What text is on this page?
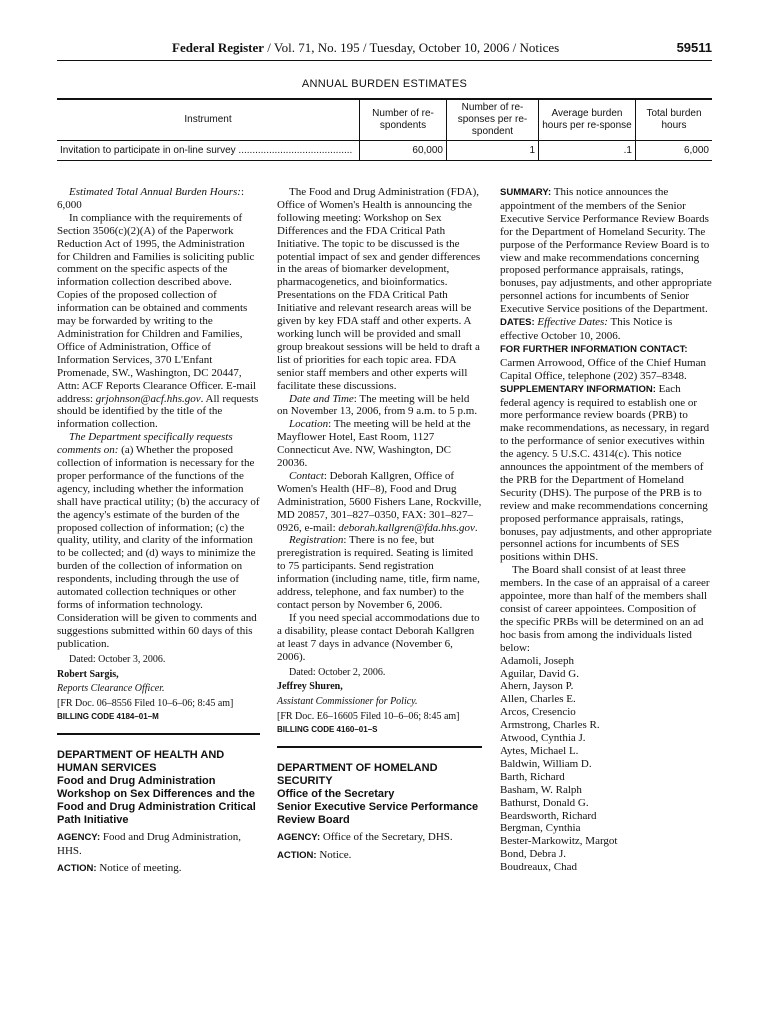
Federal Register / Vol. 71, No. 195 / Tuesday, October 10, 2006 / Notices	59511
ANNUAL BURDEN ESTIMATES
Instrument	Number of re-spondents	Number of re-sponses per re-spondent	Average burden hours per re-sponse	Total burden hours
Invitation to participate in on-line survey .........................................	60,000	1	.1	6,000

Estimated Total Annual Burden Hours:: 6,000

In compliance with the requirements of Section 3506(c)(2)(A) of the Paperwork Reduction Act of 1995, the Administration for Children and Families is soliciting public comment on the specific aspects of the information collection described above. Copies of the proposed collection of information can be obtained and comments may be forwarded by writing to the Administration for Children and Families, Office of Administration, Office of Information Services, 370 L'Enfant Promenade, SW., Washington, DC 20447, Attn: ACF Reports Clearance Officer. E-mail address: grjohnson@acf.hhs.gov. All requests should be identified by the title of the information collection.

The Department specifically requests comments on: (a) Whether the proposed collection of information is necessary for the proper performance of the functions of the agency, including whether the information shall have practical utility; (b) the accuracy of the agency's estimate of the burden of the proposed collection of information; (c) the quality, utility, and clarity of the information to be collected; and (d) ways to minimize the burden of the collection of information on respondents, including through the use of automated collection techniques or other forms of information technology. Consideration will be given to comments and suggestions submitted within 60 days of this publication.

Dated: October 3, 2006.

Robert Sargis,

Reports Clearance Officer.

[FR Doc. 06–8556 Filed 10–6–06; 8:45 am]

BILLING CODE 4184–01–M

DEPARTMENT OF HEALTH AND HUMAN SERVICES

Food and Drug Administration

Workshop on Sex Differences and the Food and Drug Administration Critical Path Initiative

AGENCY: Food and Drug Administration, HHS.

ACTION: Notice of meeting.

The Food and Drug Administration (FDA), Office of Women's Health is announcing the following meeting: Workshop on Sex Differences and the FDA Critical Path Initiative. The topic to be discussed is the potential impact of sex and gender differences in the areas of biomarker development, pharmacogenetics, and bioinformatics. Presentations on the FDA Critical Path Initiative and relevant research areas will be given by key FDA staff and other experts. A working lunch will be provided and small group breakout sessions will be held to draft a list of priorities for each topic area. FDA senior staff members and other experts will facilitate these discussions.

Date and Time: The meeting will be held on November 13, 2006, from 9 a.m. to 5 p.m.

Location: The meeting will be held at the Mayflower Hotel, East Room, 1127 Connecticut Ave. NW, Washington, DC 20036.

Contact: Deborah Kallgren, Office of Women's Health (HF–8), Food and Drug Administration, 5600 Fishers Lane, Rockville, MD 20857, 301–827–0350, FAX: 301–827–0926, e-mail: deborah.kallgren@fda.hhs.gov.

Registration: There is no fee, but preregistration is required. Seating is limited to 75 participants. Send registration information (including name, title, firm name, address, telephone, and fax number) to the contact person by November 6, 2006.

If you need special accommodations due to a disability, please contact Deborah Kallgren at least 7 days in advance (November 6, 2006).

Dated: October 2, 2006.

Jeffrey Shuren,

Assistant Commissioner for Policy.

[FR Doc. E6–16605 Filed 10–6–06; 8:45 am]

BILLING CODE 4160–01–S

DEPARTMENT OF HOMELAND SECURITY

Office of the Secretary

Senior Executive Service Performance Review Board

AGENCY: Office of the Secretary, DHS.

ACTION: Notice.

SUMMARY: This notice announces the appointment of the members of the Senior Executive Service Performance Review Boards for the Department of Homeland Security. The purpose of the Performance Review Board is to view and make recommendations concerning proposed performance appraisals, ratings, bonuses, pay adjustments, and other appropriate personnel actions for incumbents of Senior Executive Service positions of the Department.

DATES: Effective Dates: This Notice is effective October 10, 2006.

FOR FURTHER INFORMATION CONTACT:

Carmen Arrowood, Office of the Chief Human Capital Office, telephone (202) 357–8348.

SUPPLEMENTARY INFORMATION: Each federal agency is required to establish one or more performance review boards (PRB) to make recommendations, as necessary, in regard to the performance of senior executives within the agency. 5 U.S.C. 4314(c). This notice announces the appointment of the members of the PRB for the Department of Homeland Security (DHS). The purpose of the PRB is to review and make recommendations concerning proposed performance appraisals, ratings, bonuses, pay adjustments, and other appropriate personnel actions for incumbents of SES positions within DHS.

The Board shall consist of at least three members. In the case of an appraisal of a career appointee, more than half of the members shall consist of career appointees. Composition of the specific PRBs will be determined on an ad hoc basis from among the individuals listed below:

Adamoli, Joseph

Aguilar, David G.

Ahern, Jayson P.

Allen, Charles E.

Arcos, Cresencio

Armstrong, Charles R.

Atwood, Cynthia J.

Aytes, Michael L.

Baldwin, William D.

Barth, Richard

Basham, W. Ralph

Bathurst, Donald G.

Beardsworth, Richard

Bergman, Cynthia

Bester-Markowitz, Margot

Bond, Debra J.

Boudreaux, Chad
